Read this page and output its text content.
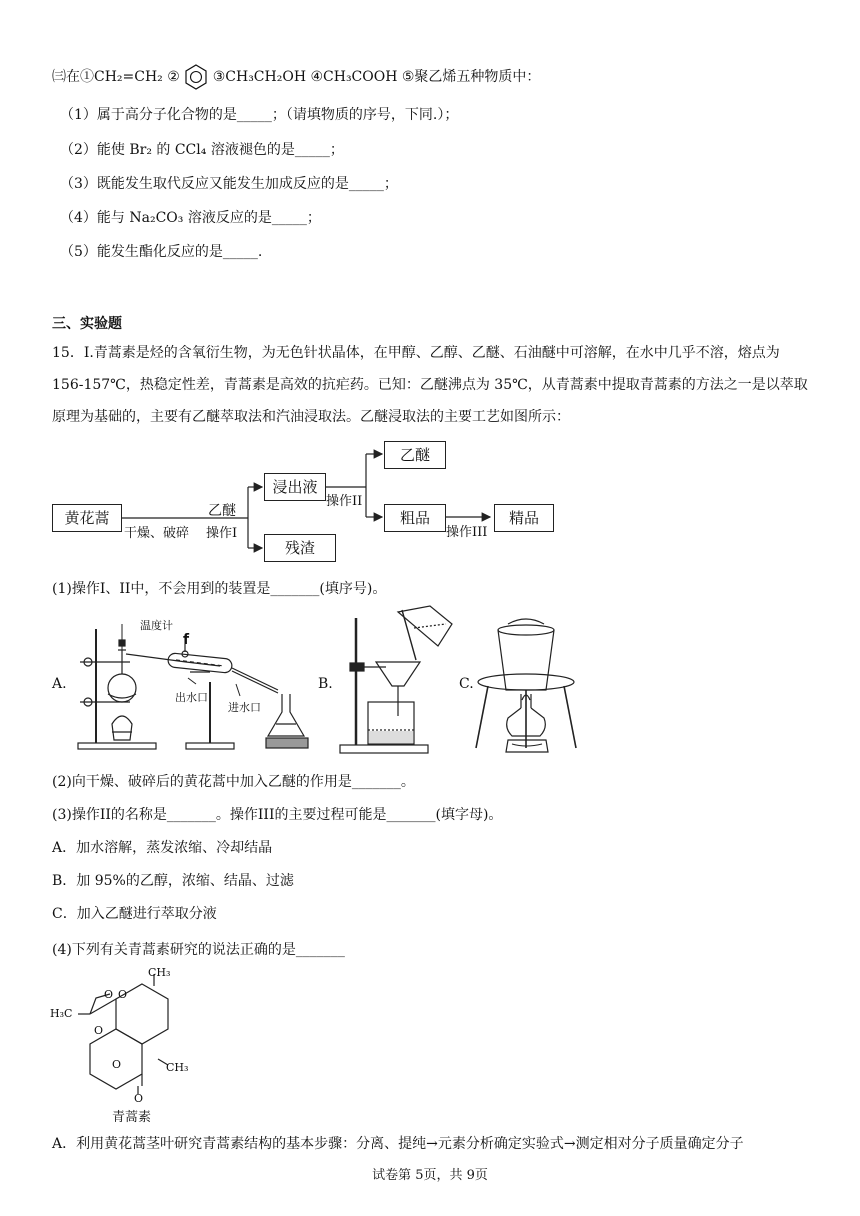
㈢在①CH₂=CH₂ ②  ③CH₃CH₂OH ④CH₃COOH ⑤聚乙烯五种物质中：
（1）属于高分子化合物的是_____；（请填物质的序号，下同.）；
（2）能使 Br₂ 的 CCl₄ 溶液褪色的是_____；
（3）既能发生取代反应又能发生加成反应的是_____；
（4）能与 Na₂CO₃ 溶液反应的是_____；
（5）能发生酯化反应的是_____.
三、实验题
15．I.青蒿素是烃的含氧衍生物，为无色针状晶体，在甲醇、乙醇、乙醚、石油醚中可溶解，在水中几乎不溶，熔点为 156-157℃，热稳定性差，青蒿素是高效的抗疟药。已知：乙醚沸点为 35℃，从青蒿素中提取青蒿素的方法之一是以萃取原理为基础的，主要有乙醚萃取法和汽油浸取法。乙醚浸取法的主要工艺如图所示：
黄花蒿	乙醚
干燥、破碎 操作I
浸出液
残渣
操作II
乙醚
粗品
操作III
精品
(1)操作I、II中，不会用到的装置是_______(填序号)。
A.	B.	C.
温度计
f
出水口
进水口
(2)向干燥、破碎后的黄花蒿中加入乙醚的作用是_______。
(3)操作II的名称是_______。操作III的主要过程可能是_______(填字母)。
A．加水溶解，蒸发浓缩、冷却结晶
B．加 95%的乙醇，浓缩、结晶、过滤
C．加入乙醚进行萃取分液
(4)下列有关青蒿素研究的说法正确的是_______
CH₃
H₃C
O O
O
O
O
CH₃
青蒿素
A．利用黄花蒿茎叶研究青蒿素结构的基本步骤：分离、提纯→元素分析确定实验式→测定相对分子质量确定分子
试卷第 5页，共 9页
